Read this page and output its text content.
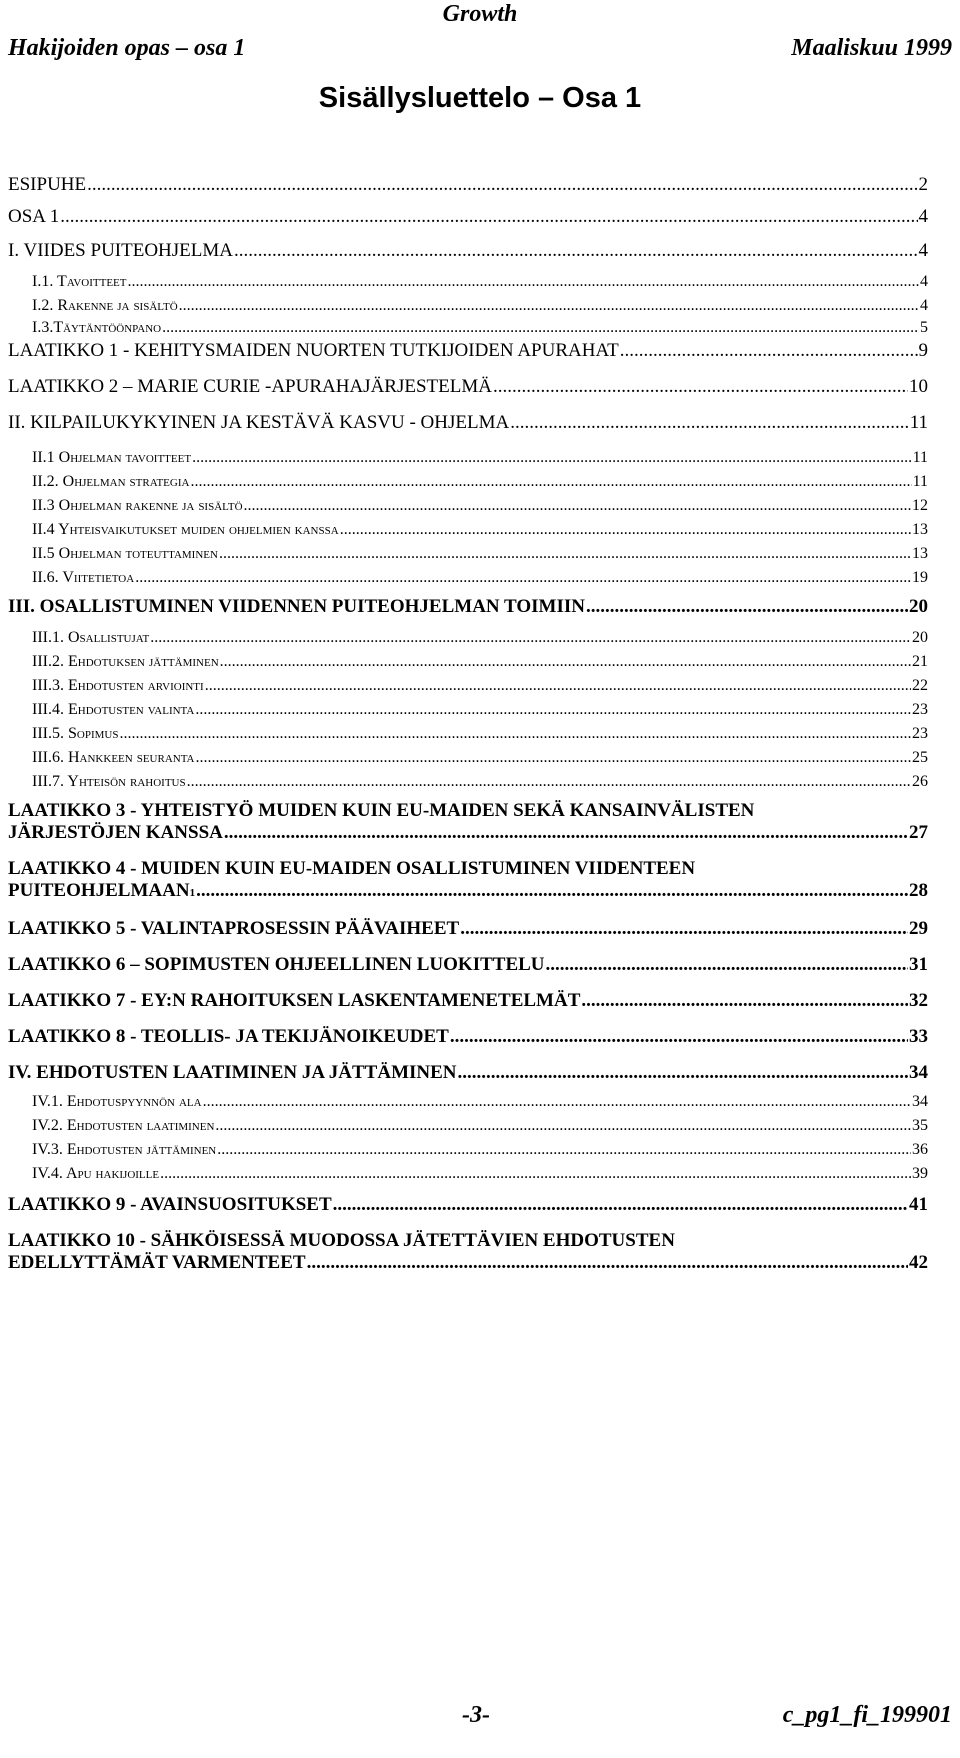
Growth
Hakijoiden opas – osa 1	Maaliskuu 1999
Sisällysluettelo – Osa 1
ESIPUHE .....	2
OSA 1 .....	4
I. VIIDES PUITEOHJELMA .....	4
I.1. Tavoitteet .....	4
I.2. Rakenne ja sisältö .....	4
I.3.Täytäntöönpano .....	5
LAATIKKO 1 - KEHITYSMAIDEN NUORTEN TUTKIJOIDEN APURAHAT .....	9
LAATIKKO 2 – MARIE CURIE -APURAHAJÄRJESTELMÄ .....	10
II. KILPAILUKYKYINEN JA KESTÄVÄ KASVU - OHJELMA .....	11
II.1 Ohjelman tavoitteet .....	11
II.2. Ohjelman strategia .....	11
II.3 Ohjelman rakenne ja sisältö .....	12
II.4 Yhteisvaikutukset muiden ohjelmien kanssa .....	13
II.5 Ohjelman toteuttaminen .....	13
II.6. Viitetietoa .....	19
III. OSALLISTUMINEN VIIDENNEN PUITEOHJELMAN TOIMIIN .....	20
III.1. Osallistujat .....	20
III.2. Ehdotuksen jättäminen .....	21
III.3. Ehdotusten arviointi .....	22
III.4. Ehdotusten valinta .....	23
III.5. Sopimus .....	23
III.6. Hankkeen seuranta .....	25
III.7. Yhteisön rahoitus .....	26
LAATIKKO 3 - YHTEISTYÖ MUIDEN KUIN EU-MAIDEN SEKÄ KANSAINVÄLISTEN
JÄRJESTÖJEN KANSSA .....	27
LAATIKKO 4 - MUIDEN KUIN EU-MAIDEN OSALLISTUMINEN VIIDENTEEN
PUITEOHJELMAAN 1 .....	28
LAATIKKO 5 - VALINTAPROSESSIN PÄÄVAIHEET .....	29
LAATIKKO 6 – SOPIMUSTEN OHJEELLINEN LUOKITTELU .....	31
LAATIKKO 7 - EY:N RAHOITUKSEN LASKENTAMENETELMÄT .....	32
LAATIKKO 8 - TEOLLIS- JA TEKIJÄNOIKEUDET .....	33
IV. EHDOTUSTEN LAATIMINEN JA JÄTTÄMINEN .....	34
IV.1. Ehdotuspyynnön ala .....	34
IV.2. Ehdotusten laatiminen .....	35
IV.3. Ehdotusten jättäminen .....	36
IV.4. Apu hakijoille .....	39
LAATIKKO 9 - AVAINSUOSITUKSET .....	41
LAATIKKO 10 - SÄHKÖISESSÄ MUODOSSA JÄTETTÄVIEN EHDOTUSTEN
EDELLYTTÄMÄT VARMENTEET .....	42
-3-	c_pg1_fi_199901
